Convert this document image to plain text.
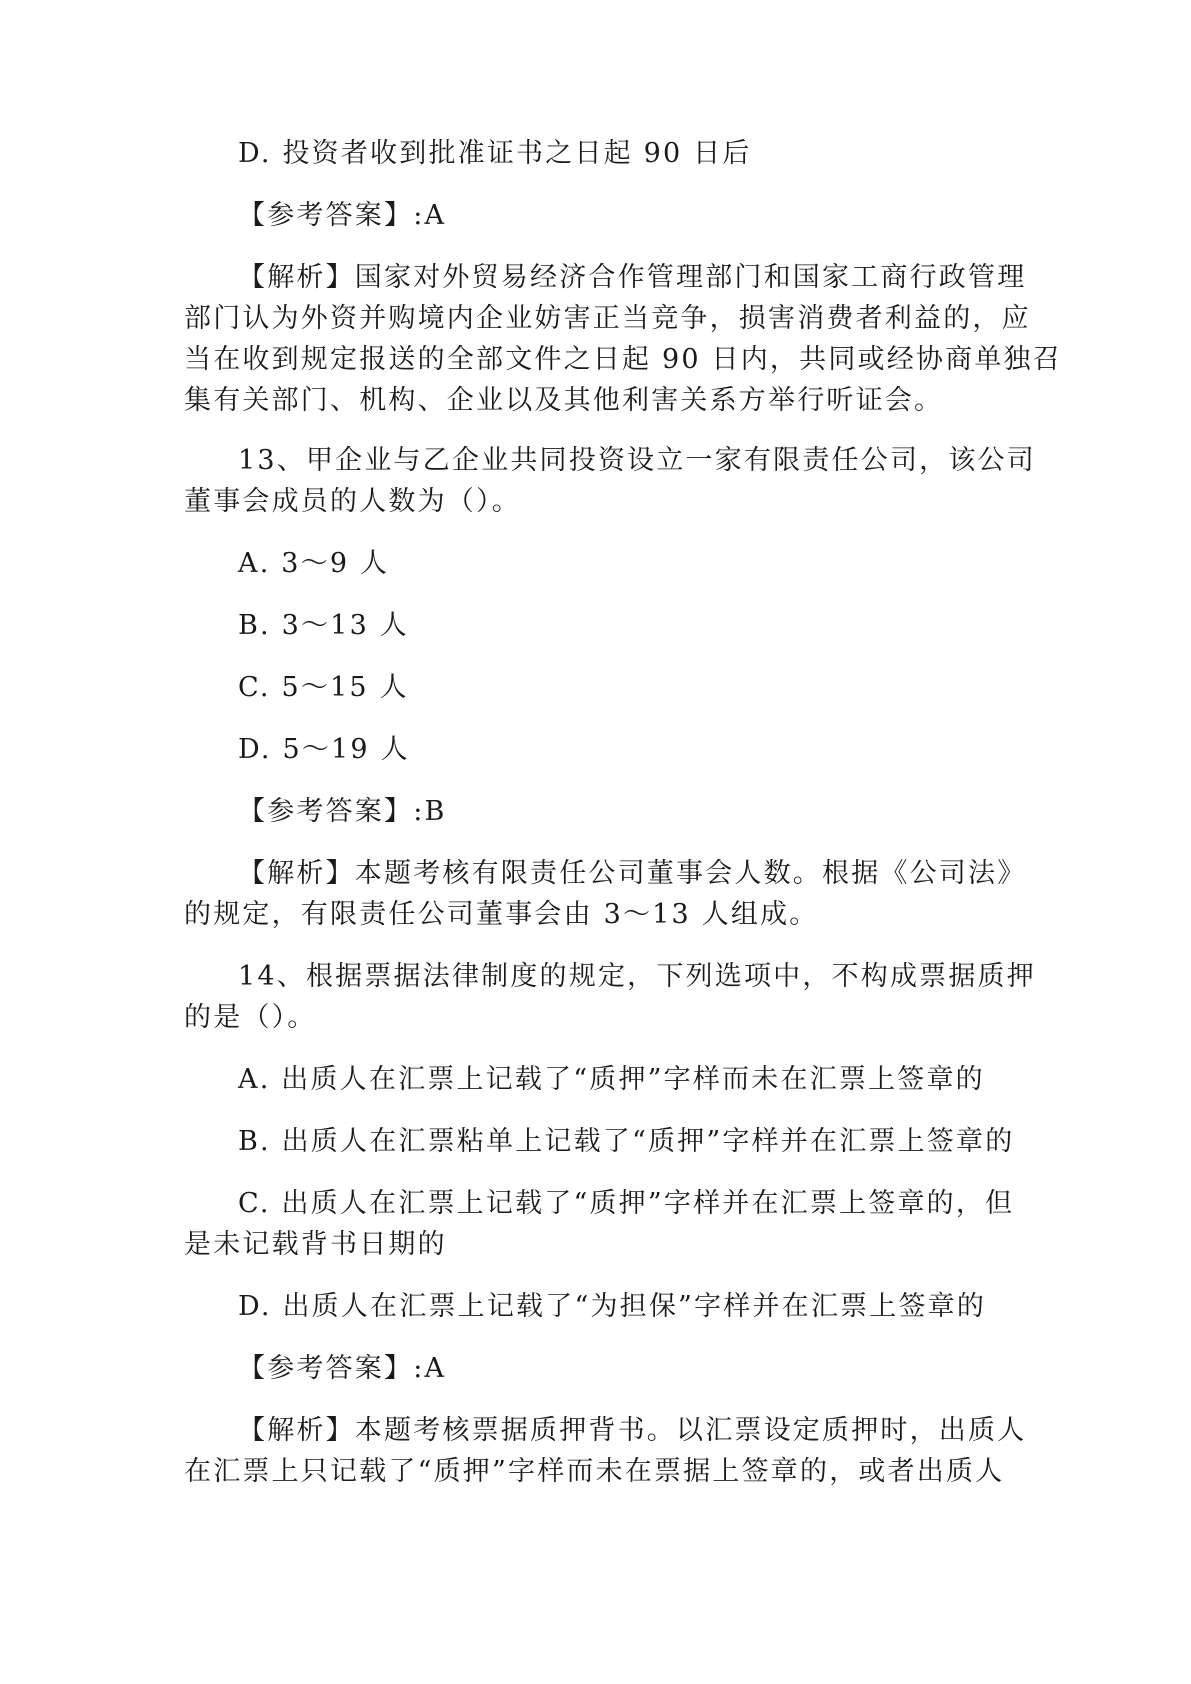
D. 投资者收到批准证书之日起 90 日后
【参考答案】:A
【解析】国家对外贸易经济合作管理部门和国家工商行政管理
部门认为外资并购境内企业妨害正当竞争，损害消费者利益的，应
当在收到规定报送的全部文件之日起 90 日内，共同或经协商单独召
集有关部门、机构、企业以及其他利害关系方举行听证会。
13、甲企业与乙企业共同投资设立一家有限责任公司，该公司
董事会成员的人数为（）。
A. 3～9 人
B. 3～13 人
C. 5～15 人
D. 5～19 人
【参考答案】:B
【解析】本题考核有限责任公司董事会人数。根据《公司法》
的规定，有限责任公司董事会由 3～13 人组成。
14、根据票据法律制度的规定，下列选项中，不构成票据质押
的是（）。
A. 出质人在汇票上记载了“质押”字样而未在汇票上签章的
B. 出质人在汇票粘单上记载了“质押”字样并在汇票上签章的
C. 出质人在汇票上记载了“质押”字样并在汇票上签章的，但
是未记载背书日期的
D. 出质人在汇票上记载了“为担保”字样并在汇票上签章的
【参考答案】:A
【解析】本题考核票据质押背书。以汇票设定质押时，出质人
在汇票上只记载了“质押”字样而未在票据上签章的，或者出质人
